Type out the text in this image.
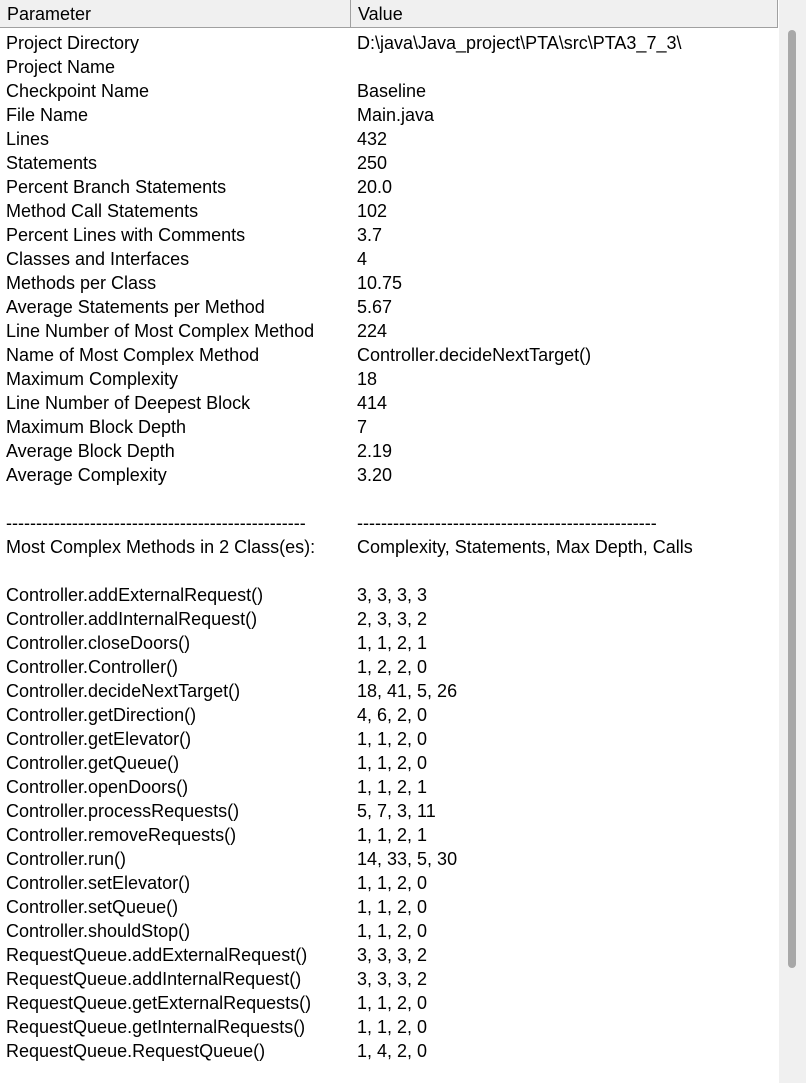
Parameter	Value
Project Directory	D:\java\Java_project\PTA\src\PTA3_7_3\
Project Name
Checkpoint Name	Baseline
File Name	Main.java
Lines	432
Statements	250
Percent Branch Statements	20.0
Method Call Statements	102
Percent Lines with Comments	3.7
Classes and Interfaces	4
Methods per Class	10.75
Average Statements per Method	5.67
Line Number of Most Complex Method	224
Name of Most Complex Method	Controller.decideNextTarget()
Maximum Complexity	18
Line Number of Deepest Block	414
Maximum Block Depth	7
Average Block Depth	2.19
Average Complexity	3.20
--------------------------------------------------	--------------------------------------------------
Most Complex Methods in 2 Class(es):	Complexity, Statements, Max Depth, Calls
Controller.addExternalRequest()	3, 3, 3, 3
Controller.addInternalRequest()	2, 3, 3, 2
Controller.closeDoors()	1, 1, 2, 1
Controller.Controller()	1, 2, 2, 0
Controller.decideNextTarget()	18, 41, 5, 26
Controller.getDirection()	4, 6, 2, 0
Controller.getElevator()	1, 1, 2, 0
Controller.getQueue()	1, 1, 2, 0
Controller.openDoors()	1, 1, 2, 1
Controller.processRequests()	5, 7, 3, 11
Controller.removeRequests()	1, 1, 2, 1
Controller.run()	14, 33, 5, 30
Controller.setElevator()	1, 1, 2, 0
Controller.setQueue()	1, 1, 2, 0
Controller.shouldStop()	1, 1, 2, 0
RequestQueue.addExternalRequest()	3, 3, 3, 2
RequestQueue.addInternalRequest()	3, 3, 3, 2
RequestQueue.getExternalRequests()	1, 1, 2, 0
RequestQueue.getInternalRequests()	1, 1, 2, 0
RequestQueue.RequestQueue()	1, 4, 2, 0
